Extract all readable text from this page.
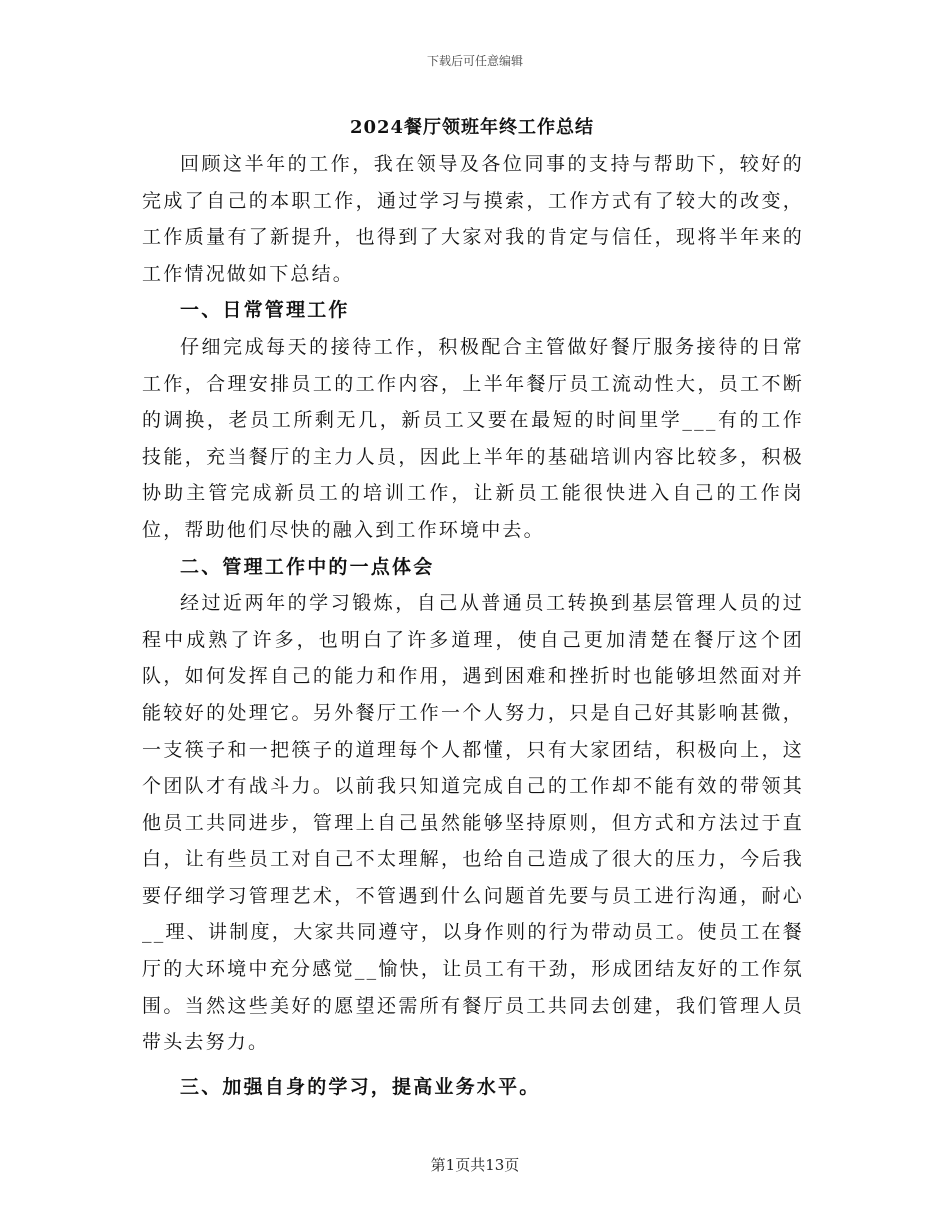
下载后可任意编辑
2024餐厅领班年终工作总结

回顾这半年的工作，我在领导及各位同事的支持与帮助下，较好的完成了自己的本职工作，通过学习与摸索，工作方式有了较大的改变，工作质量有了新提升，也得到了大家对我的肯定与信任，现将半年来的工作情况做如下总结。

一、日常管理工作

仔细完成每天的接待工作，积极配合主管做好餐厅服务接待的日常工作，合理安排员工的工作内容，上半年餐厅员工流动性大，员工不断的调换，老员工所剩无几，新员工又要在最短的时间里学___有的工作技能，充当餐厅的主力人员，因此上半年的基础培训内容比较多，积极协助主管完成新员工的培训工作，让新员工能很快进入自己的工作岗位，帮助他们尽快的融入到工作环境中去。

二、管理工作中的一点体会

经过近两年的学习锻炼，自己从普通员工转换到基层管理人员的过程中成熟了许多，也明白了许多道理，使自己更加清楚在餐厅这个团队，如何发挥自己的能力和作用，遇到困难和挫折时也能够坦然面对并能较好的处理它。另外餐厅工作一个人努力，只是自己好其影响甚微，一支筷子和一把筷子的道理每个人都懂，只有大家团结，积极向上，这个团队才有战斗力。以前我只知道完成自己的工作却不能有效的带领其他员工共同进步，管理上自己虽然能够坚持原则，但方式和方法过于直白，让有些员工对自己不太理解，也给自己造成了很大的压力，今后我要仔细学习管理艺术，不管遇到什么问题首先要与员工进行沟通，耐心__理、讲制度，大家共同遵守，以身作则的行为带动员工。使员工在餐厅的大环境中充分感觉__愉快，让员工有干劲，形成团结友好的工作氛围。当然这些美好的愿望还需所有餐厅员工共同去创建，我们管理人员带头去努力。

三、加强自身的学习，提高业务水平。

第1页共13页
